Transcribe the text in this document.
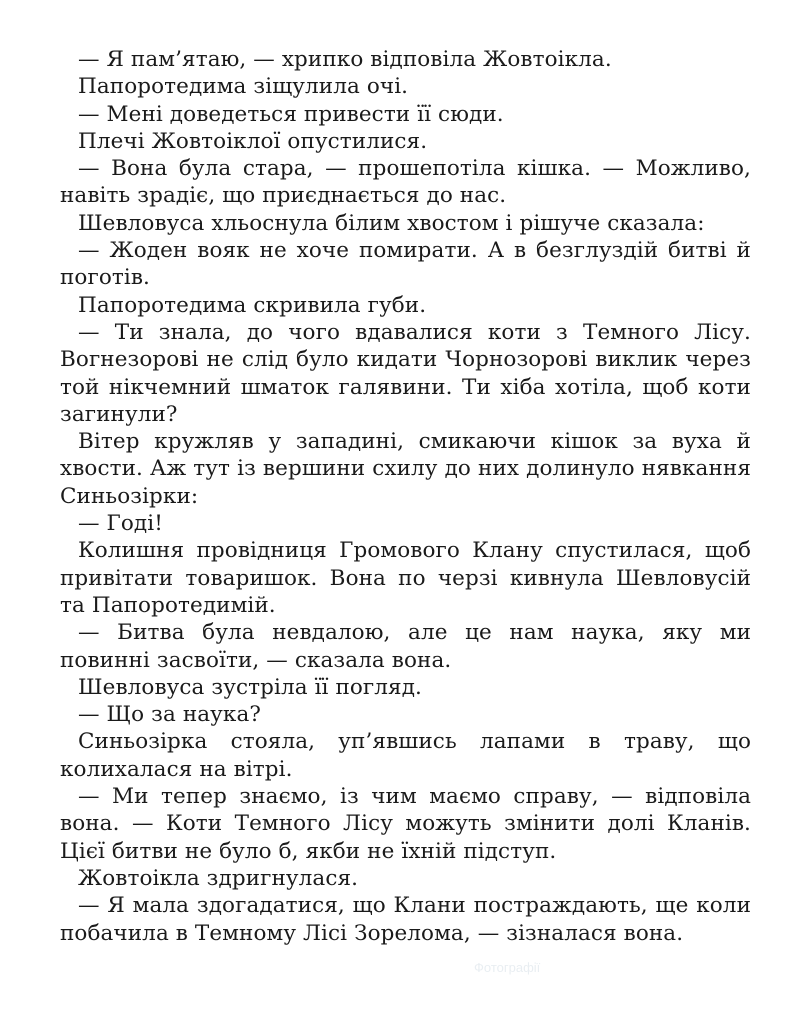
— Я пам’ятаю, — хрипко відповіла Жовтоікла.

Папоротедима зіщулила очі.

— Мені доведеться привести її сюди.

Плечі Жовтоіклої опустилися.

— Вона була стара, — прошепотіла кішка. — Можливо, навіть зрадіє, що приєднається до нас.

Шевловуса хльоснула білим хвостом і рішуче сказала:

— Жоден вояк не хоче помирати. А в безглуздій битві й поготів.

Папоротедима скривила губи.

— Ти знала, до чого вдавалися коти з Темного Лісу. Вогнезорові не слід було кидати Чорнозорові виклик через той нікчемний шматок галявини. Ти хіба хотіла, щоб коти загинули?

Вітер кружляв у западині, смикаючи кішок за вуха й хвости. Аж тут із вершини схилу до них долинуло нявкання Синьозірки:

— Годі!

Колишня провідниця Громового Клану спустилася, щоб привітати товаришок. Вона по черзі кивнула Шевловусій та Папоротедимій.

— Битва була невдалою, але це нам наука, яку ми повинні засвоїти, — сказала вона.

Шевловуса зустріла її погляд.

— Що за наука?

Синьозірка стояла, уп’явшись лапами в траву, що колихалася на вітрі.

— Ми тепер знаємо, із чим маємо справу, — відповіла вона. — Коти Темного Лісу можуть змінити долі Кланів. Цієї битви не було б, якби не їхній підступ.

Жовтоікла здригнулася.

— Я мала здогадатися, що Клани постраждають, ще коли побачила в Темному Лісі Зорелома, — зізналася вона.

Фотографії
